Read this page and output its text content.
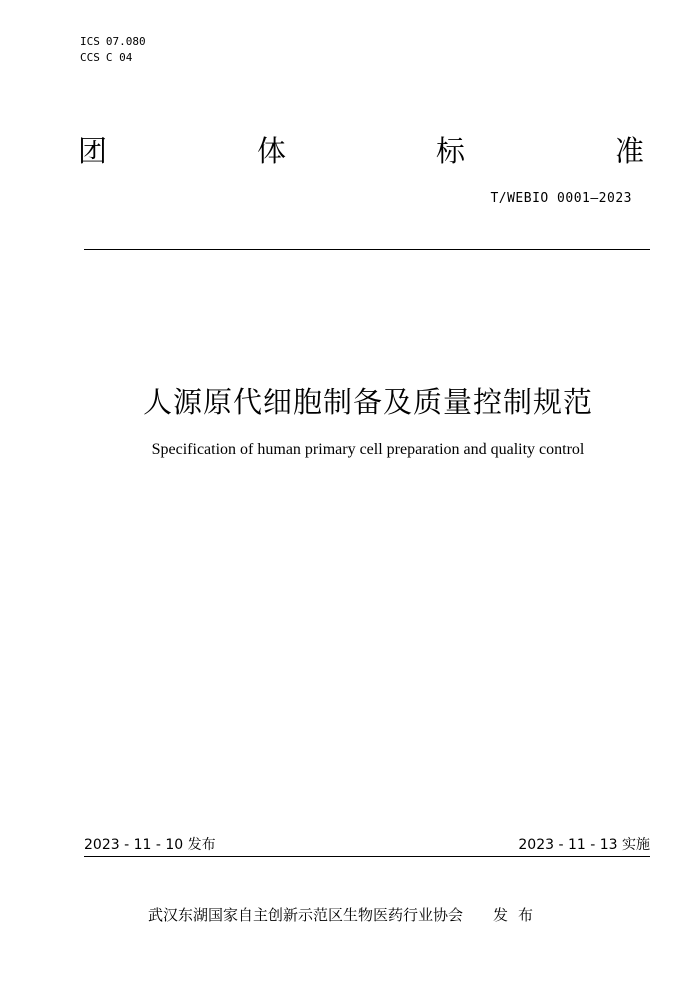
ICS 07.080
CCS C 04
团	体	标	准
T/WEBIO 0001—2023
人源原代细胞制备及质量控制规范
Specification of human primary cell preparation and quality control
2023 - 11 - 10 发布	2023 - 11 - 13 实施
武汉东湖国家自主创新示范区生物医药行业协会 发布
